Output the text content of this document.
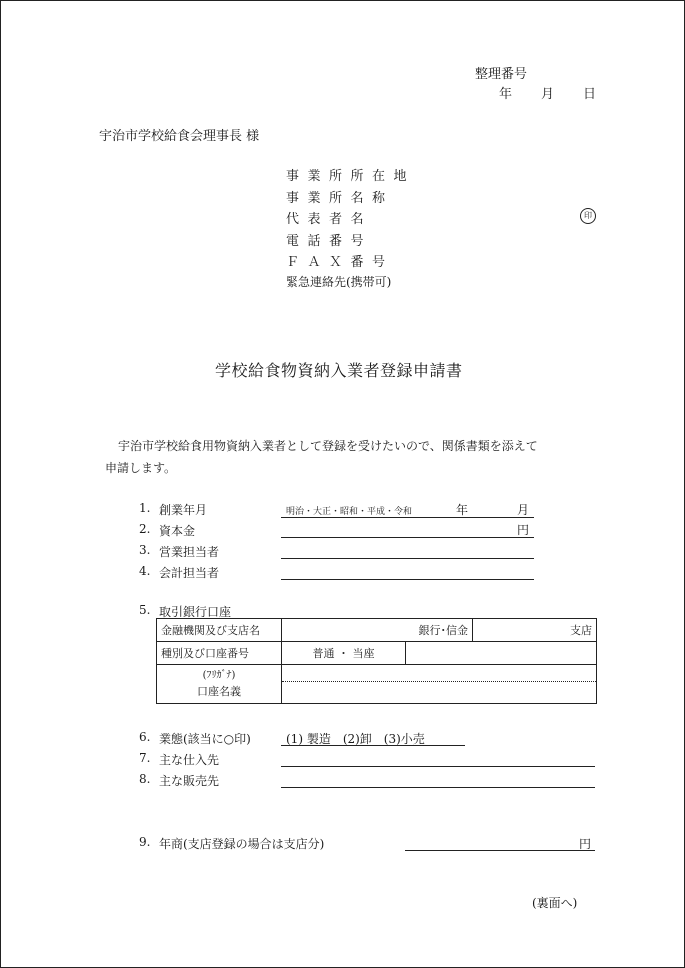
整理番号
年 月 日
宇治市学校給食会理事長 様
事業所所在地
事業所名称
代表者名	印
電話番号
ＦＡＸ番号
緊急連絡先(携帯可)
学校給食物資納入業者登録申請書
宇治市学校給食用物資納入業者として登録を受けたいので、関係書類を添えて
申請します。
1. 創業年月	明治・大正・昭和・平成・令和	年	月
2. 資本金	円
3. 営業担当者
4. 会計担当者
5. 取引銀行口座
金融機関及び支店名	銀行･信金		支店
種別及び口座番号	普通 ・ 当座		

(ﾌﾘｶﾞﾅ)
口座名義			

6. 業態(該当に○印)	(1) 製造　(2)卸　(3)小売
7. 主な仕入先
8. 主な販売先
9. 年商(支店登録の場合は支店分)	円
(裏面へ)
